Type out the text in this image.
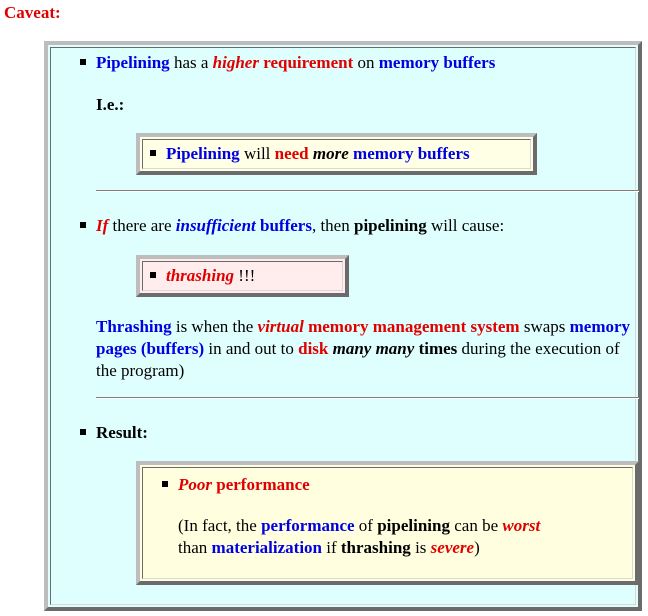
Caveat:
Pipelining has a higher requirement on memory buffers
I.e.:
Pipelining will need more memory buffers
If there are insufficient buffers, then pipelining will cause:
thrashing !!!
Thrashing is when the virtual memory management system swaps memory pages (buffers) in and out to disk many many times during the execution of the program)
Result:
Poor performance
(In fact, the performance of pipelining can be worst
than materialization if thrashing is severe)
